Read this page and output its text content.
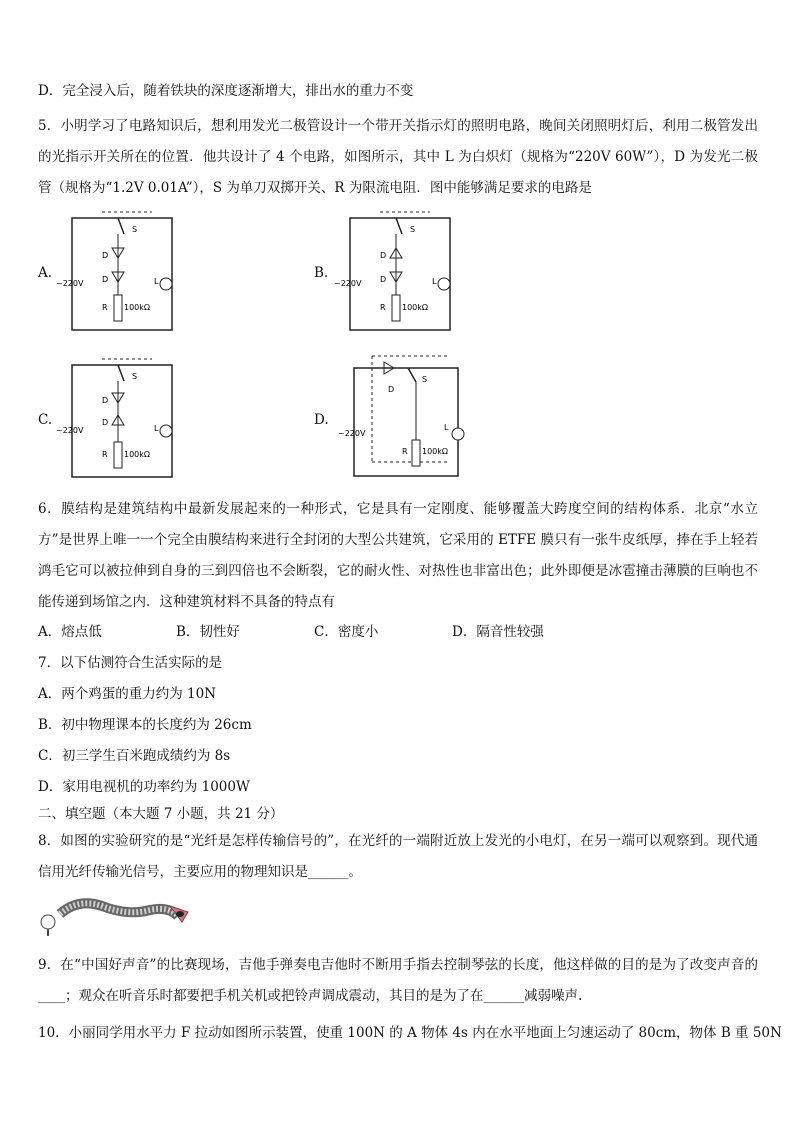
D．完全浸入后，随着铁块的深度逐渐增大，排出水的重力不变
5．小明学习了电路知识后，想利用发光二极管设计一个带开关指示灯的照明电路，晚间关闭照明灯后，利用二极管发出的光指示开关所在的位置．他共设计了 4 个电路，如图所示，其中 L 为白炽灯（规格为“220V 60W”），D 为发光二极管（规格为“1.2V 0.01A”），S 为单刀双掷开关、R 为限流电阻．图中能够满足要求的电路是
A.	B.
C.	D.
S
D
D
R 100kΩ
~220V	L
S
D
D
R 100kΩ
~220V	L
S
D
D
R 100kΩ
~220V	L
D
S
R 100kΩ
~220V
L
6．膜结构是建筑结构中最新发展起来的一种形式，它是具有一定刚度、能够覆盖大跨度空间的结构体系．北京“水立方”是世界上唯一一个完全由膜结构来进行全封闭的大型公共建筑，它采用的 ETFE 膜只有一张牛皮纸厚，捧在手上轻若鸿毛它可以被拉伸到自身的三到四倍也不会断裂，它的耐火性、对热性也非富出色；此外即便是冰雹撞击薄膜的巨响也不能传递到场馆之内．这种建筑材料不具备的特点有
A．熔点低	B．韧性好	C．密度小	D．隔音性较强
7．以下估测符合生活实际的是
A．两个鸡蛋的重力约为 10N
B．初中物理课本的长度约为 26cm
C．初三学生百米跑成绩约为 8s
D．家用电视机的功率约为 1000W
二、填空题（本大题 7 小题，共 21 分）
8．如图的实验研究的是“光纤是怎样传输信号的”，在光纤的一端附近放上发光的小电灯，在另一端可以观察到。现代通信用光纤传输光信号，主要应用的物理知识是______。
9．在“中国好声音”的比赛现场，吉他手弹奏电吉他时不断用手指去控制琴弦的长度，他这样做的目的是为了改变声音的____；观众在听音乐时都要把手机关机或把铃声调成震动，其目的是为了在______减弱噪声.
10．小丽同学用水平力 F 拉动如图所示装置，使重 100N 的 A 物体 4s 内在水平地面上匀速运动了 80cm，物体 B 重 50N
